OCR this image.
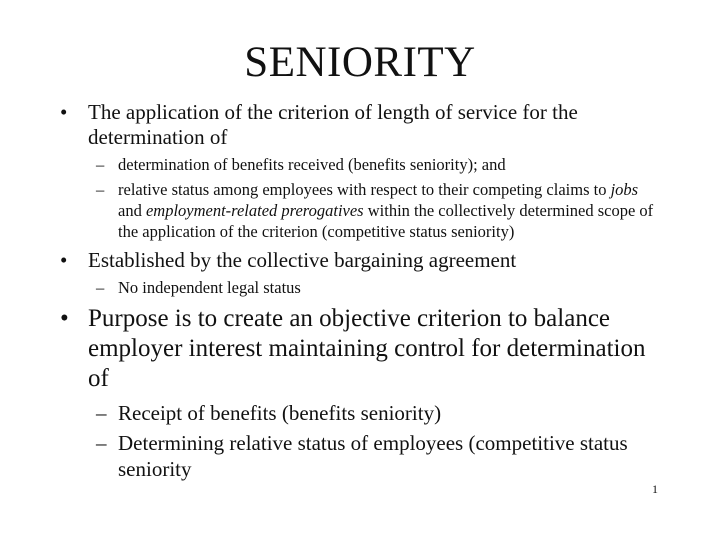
SENIORITY
• The application of the criterion of length of service for the determination of
– determination of benefits received (benefits seniority); and
– relative status among employees with respect to their competing claims to jobs and employment-related prerogatives within the collectively determined scope of the application of the criterion (competitive status seniority)
• Established by the collective bargaining agreement
– No independent legal status
• Purpose is to create an objective criterion to balance employer interest maintaining control for determination of
– Receipt of benefits (benefits seniority)
– Determining relative status of employees (competitive status seniority
1
